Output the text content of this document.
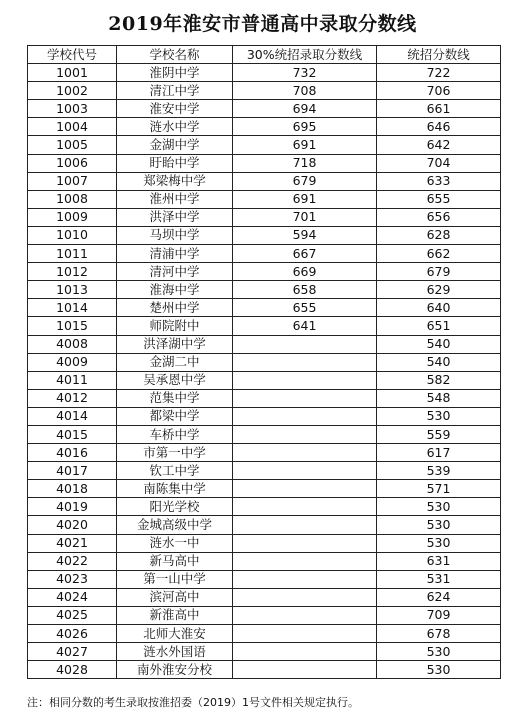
2019年淮安市普通高中录取分数线
学校代号	学校名称	30%统招录取分数线	统招分数线
1001	淮阴中学	732	722
1002	清江中学	708	706
1003	淮安中学	694	661
1004	涟水中学	695	646
1005	金湖中学	691	642
1006	盱眙中学	718	704
1007	郑梁梅中学	679	633
1008	淮州中学	691	655
1009	洪泽中学	701	656
1010	马坝中学	594	628
1011	清浦中学	667	662
1012	清河中学	669	679
1013	淮海中学	658	629
1014	楚州中学	655	640
1015	师院附中	641	651
4008	洪泽湖中学		540
4009	金湖二中		540
4011	吴承恩中学		582
4012	范集中学		548
4014	都梁中学		530
4015	车桥中学		559
4016	市第一中学		617
4017	钦工中学		539
4018	南陈集中学		571
4019	阳光学校		530
4020	金城高级中学		530
4021	涟水一中		530
4022	新马高中		631
4023	第一山中学		531
4024	滨河高中		624
4025	新淮高中		709
4026	北师大淮安		678
4027	涟水外国语		530
4028	南外淮安分校		530
注：相同分数的考生录取按淮招委（2019）1号文件相关规定执行。
